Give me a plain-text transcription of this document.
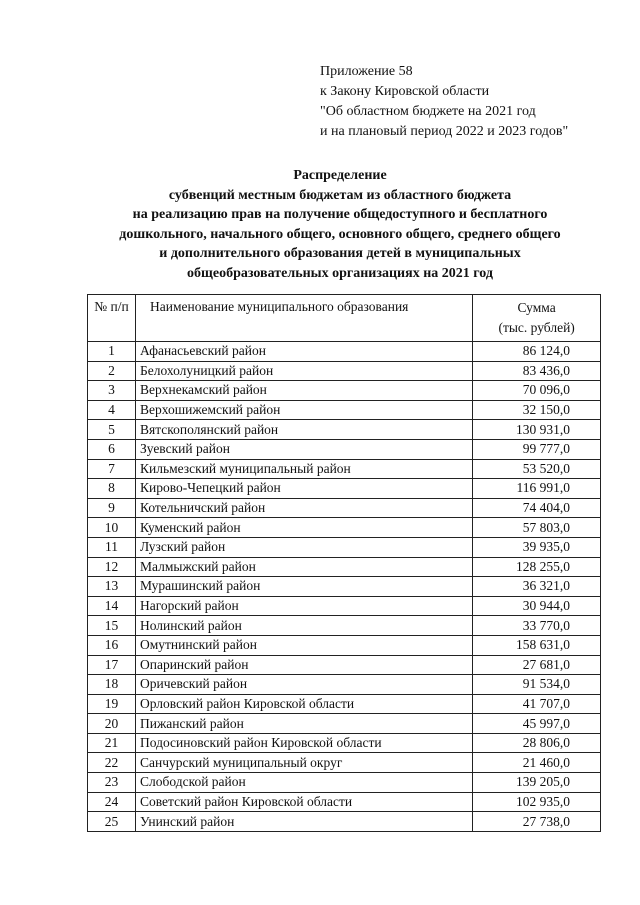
Приложение 58
к Закону Кировской области
"Об областном бюджете на 2021 год
и на плановый период 2022 и 2023 годов"
Распределение
субвенций местным бюджетам из областного бюджета
на реализацию прав на получение общедоступного и бесплатного
дошкольного, начального общего, основного общего, среднего общего
и дополнительного образования детей в муниципальных
общеобразовательных организациях на 2021 год
№ п/п	Наименование муниципального образования	Сумма
(тыс. рублей)

1	Афанасьевский район	86 124,0
2	Белохолуницкий район	83 436,0
3	Верхнекамский район	70 096,0
4	Верхошижемский район	32 150,0
5	Вятскополянский район	130 931,0
6	Зуевский район	99 777,0
7	Кильмезский муниципальный район	53 520,0
8	Кирово-Чепецкий район	116 991,0
9	Котельничский район	74 404,0
10	Куменский район	57 803,0
11	Лузский район	39 935,0
12	Малмыжский район	128 255,0
13	Мурашинский район	36 321,0
14	Нагорский район	30 944,0
15	Нолинский район	33 770,0
16	Омутнинский район	158 631,0
17	Опаринский район	27 681,0
18	Оричевский район	91 534,0
19	Орловский район Кировской области	41 707,0
20	Пижанский район	45 997,0
21	Подосиновский район Кировской области	28 806,0
22	Санчурский муниципальный округ	21 460,0
23	Слободской район	139 205,0
24	Советский район Кировской области	102 935,0
25	Унинский район	27 738,0
